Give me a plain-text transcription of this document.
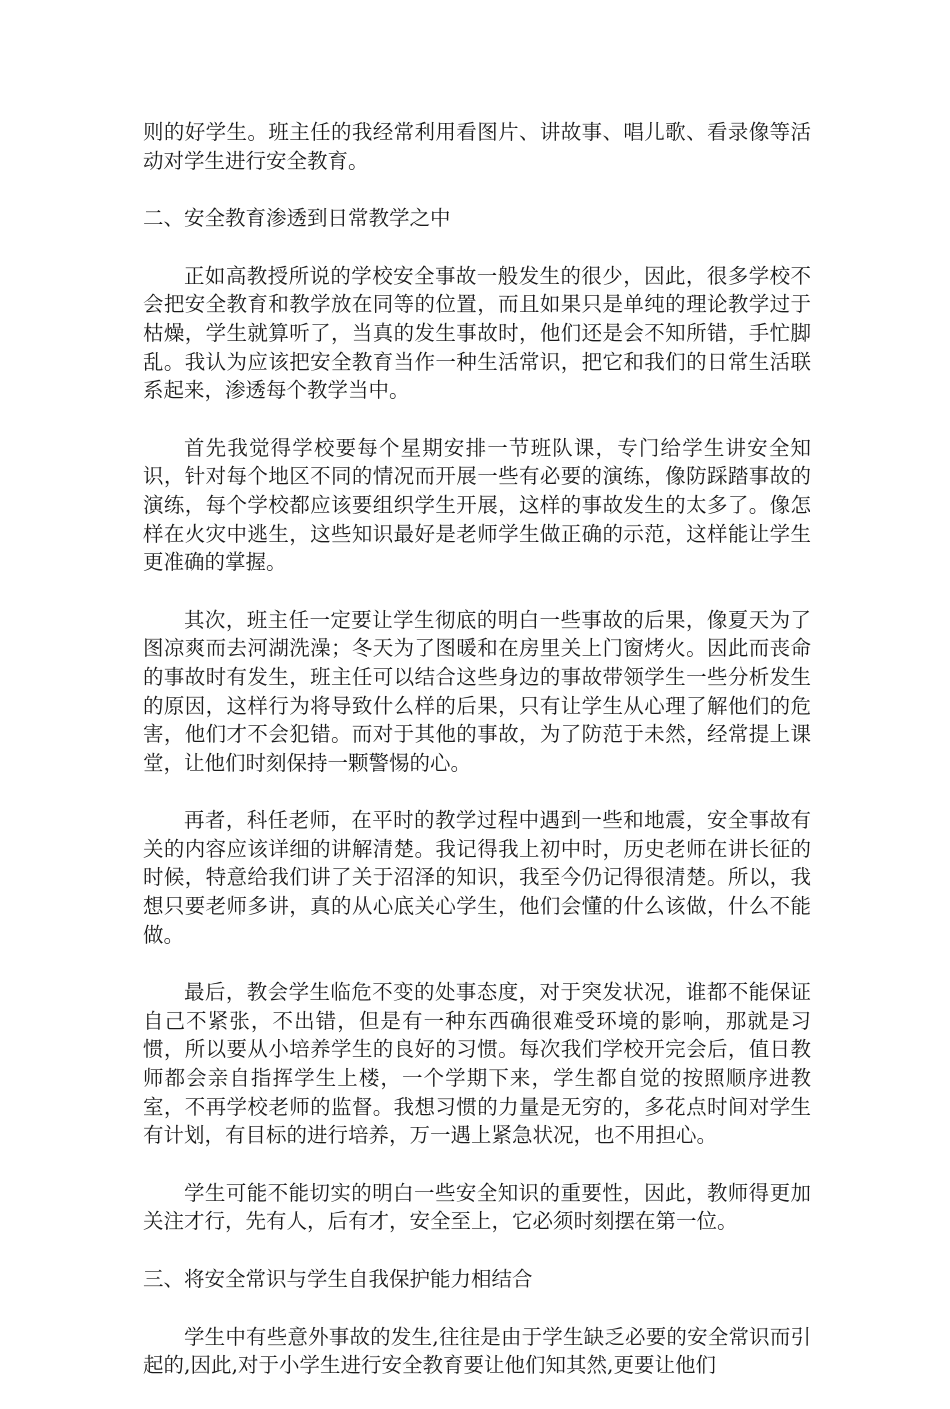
则的好学生。班主任的我经常利用看图片、讲故事、唱儿歌、看录像等活动对学生进行安全教育。

二、安全教育渗透到日常教学之中

正如高教授所说的学校安全事故一般发生的很少，因此，很多学校不会把安全教育和教学放在同等的位置，而且如果只是单纯的理论教学过于枯燥，学生就算听了，当真的发生事故时，他们还是会不知所错，手忙脚乱。我认为应该把安全教育当作一种生活常识，把它和我们的日常生活联系起来，渗透每个教学当中。

首先我觉得学校要每个星期安排一节班队课，专门给学生讲安全知识，针对每个地区不同的情况而开展一些有必要的演练，像防踩踏事故的演练，每个学校都应该要组织学生开展，这样的事故发生的太多了。像怎样在火灾中逃生，这些知识最好是老师学生做正确的示范，这样能让学生更准确的掌握。

其次，班主任一定要让学生彻底的明白一些事故的后果，像夏天为了图凉爽而去河湖洗澡；冬天为了图暖和在房里关上门窗烤火。因此而丧命的事故时有发生，班主任可以结合这些身边的事故带领学生一些分析发生的原因，这样行为将导致什么样的后果，只有让学生从心理了解他们的危害，他们才不会犯错。而对于其他的事故，为了防范于未然，经常提上课堂，让他们时刻保持一颗警惕的心。

再者，科任老师，在平时的教学过程中遇到一些和地震，安全事故有关的内容应该详细的讲解清楚。我记得我上初中时，历史老师在讲长征的时候，特意给我们讲了关于沼泽的知识，我至今仍记得很清楚。所以，我想只要老师多讲，真的从心底关心学生，他们会懂的什么该做，什么不能做。

最后，教会学生临危不变的处事态度，对于突发状况，谁都不能保证自己不紧张，不出错，但是有一种东西确很难受环境的影响，那就是习惯，所以要从小培养学生的良好的习惯。每次我们学校开完会后，值日教师都会亲自指挥学生上楼，一个学期下来，学生都自觉的按照顺序进教室，不再学校老师的监督。我想习惯的力量是无穷的，多花点时间对学生有计划，有目标的进行培养，万一遇上紧急状况，也不用担心。

学生可能不能切实的明白一些安全知识的重要性，因此，教师得更加关注才行，先有人，后有才，安全至上，它必须时刻摆在第一位。

三、将安全常识与学生自我保护能力相结合

学生中有些意外事故的发生,往往是由于学生缺乏必要的安全常识而引起的,因此,对于小学生进行安全教育要让他们知其然,更要让他们
